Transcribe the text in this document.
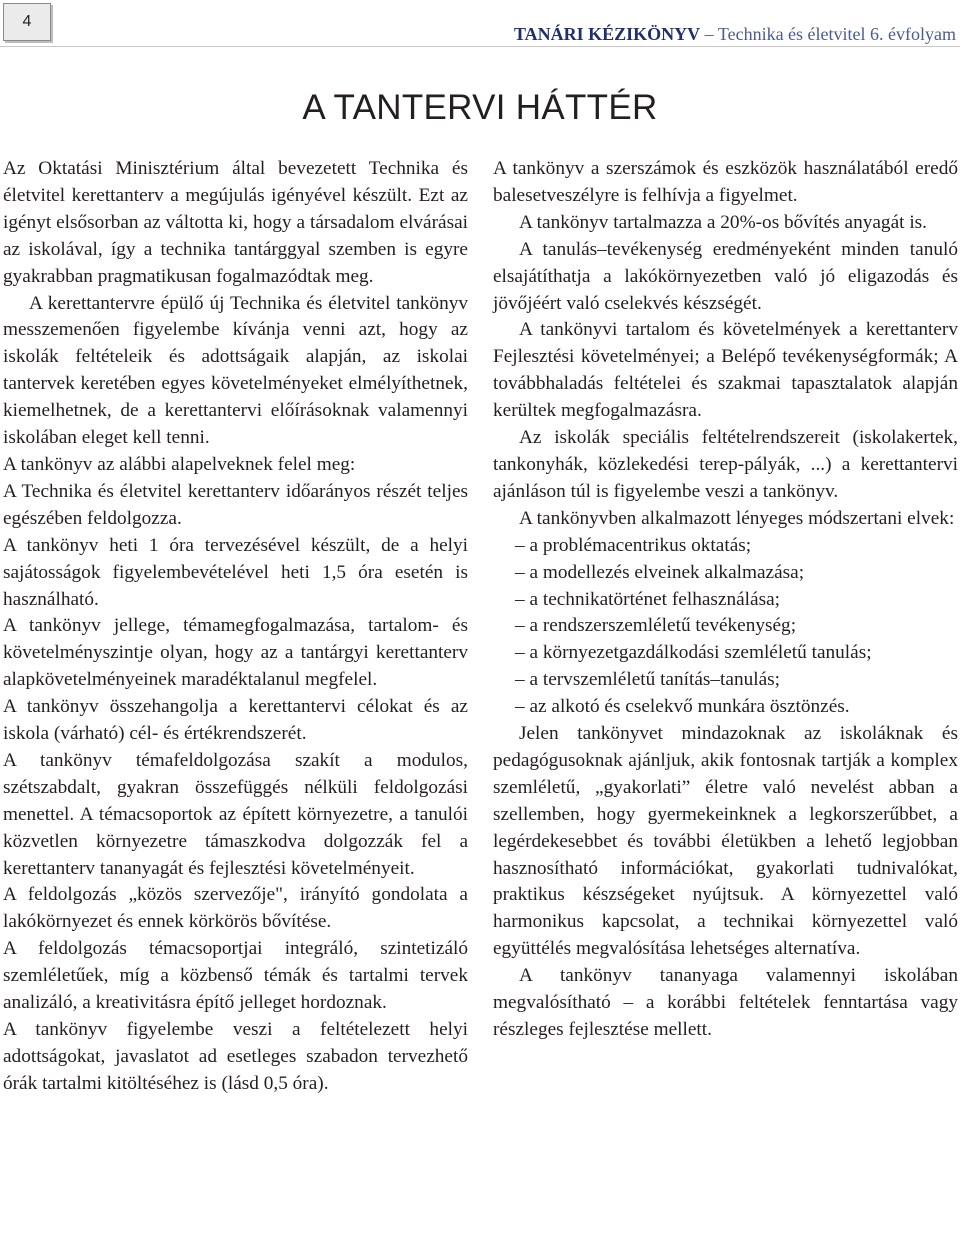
4
TANÁRI KÉZIKÖNYV – Technika és életvitel 6. évfolyam
A TANTERVI HÁTTÉR

Az Oktatási Minisztérium által bevezetett Technika és életvitel kerettanterv a megújulás igényével készült. Ezt az igényt elsősorban az váltotta ki, hogy a társadalom elvárásai az iskolával, így a technika tantárggyal szemben is egyre gyakrabban pragmatikusan fogalmazódtak meg.

A kerettantervre épülő új Technika és életvitel tankönyv messzemenően figyelembe kívánja venni azt, hogy az iskolák feltételeik és adottságaik alapján, az iskolai tantervek keretében egyes követelményeket elmélyíthetnek, kiemelhetnek, de a kerettantervi előírásoknak valamennyi iskolában eleget kell tenni.

A tankönyv az alábbi alapelveknek felel meg:

A Technika és életvitel kerettanterv időarányos részét teljes egészében feldolgozza.

A tankönyv heti 1 óra tervezésével készült, de a helyi sajátosságok figyelembevételével heti 1,5 óra esetén is használható.

A tankönyv jellege, témamegfogalmazása, tartalom- és követelményszintje olyan, hogy az a tantárgyi kerettanterv alapkövetelményeinek maradéktalanul megfelel.

A tankönyv összehangolja a kerettantervi célokat és az iskola (várható) cél- és értékrendszerét.

A tankönyv témafeldolgozása szakít a modulos, szétszabdalt, gyakran összefüggés nélküli feldolgozási menettel. A témacsoportok az épített környezetre, a tanulói közvetlen környezetre támaszkodva dolgozzák fel a kerettanterv tananyagát és fejlesztési követelményeit.

A feldolgozás „közös szervezője", irányító gondolata a lakókörnyezet és ennek körkörös bővítése.

A feldolgozás témacsoportjai integráló, szintetizáló szemléletűek, míg a közbenső témák és tartalmi tervek analizáló, a kreativitásra építő jelleget hordoznak.

A tankönyv figyelembe veszi a feltételezett helyi adottságokat, javaslatot ad esetleges szabadon tervezhető órák tartalmi kitöltéséhez is (lásd 0,5 óra).

A tankönyv a szerszámok és eszközök használatából eredő balesetveszélyre is felhívja a figyelmet.

A tankönyv tartalmazza a 20%-os bővítés anyagát is.

A tanulás–tevékenység eredményeként minden tanuló elsajátíthatja a lakókörnyezetben való jó eligazodás és jövőjéért való cselekvés készségét.

A tankönyvi tartalom és követelmények a kerettanterv Fejlesztési követelményei; a Belépő tevékenységformák; A továbbhaladás feltételei és szakmai tapasztalatok alapján kerültek megfogalmazásra.

Az iskolák speciális feltételrendszereit (iskolakertek, tankonyhák, közlekedési terep-pályák, ...) a kerettantervi ajánláson túl is figyelembe veszi a tankönyv.

A tankönyvben alkalmazott lényeges módszertani elvek:

– a problémacentrikus oktatás;

– a modellezés elveinek alkalmazása;

– a technikatörténet felhasználása;

– a rendszerszemléletű tevékenység;

– a környezetgazdálkodási szemléletű tanulás;

– a tervszemléletű tanítás–tanulás;

– az alkotó és cselekvő munkára ösztönzés.

Jelen tankönyvet mindazoknak az iskoláknak és pedagógusoknak ajánljuk, akik fontosnak tartják a komplex szemléletű, „gyakorlati” életre való nevelést abban a szellemben, hogy gyermekeinknek a legkorszerűbbet, a legérdekesebbet és további életükben a lehető legjobban hasznosítható információkat, gyakorlati tudnivalókat, praktikus készségeket nyújtsuk. A környezettel való harmonikus kapcsolat, a technikai környezettel való együttélés megvalósítása lehetséges alternatíva.

A tankönyv tananyaga valamennyi iskolában megvalósítható – a korábbi feltételek fenntartása vagy részleges fejlesztése mellett.
